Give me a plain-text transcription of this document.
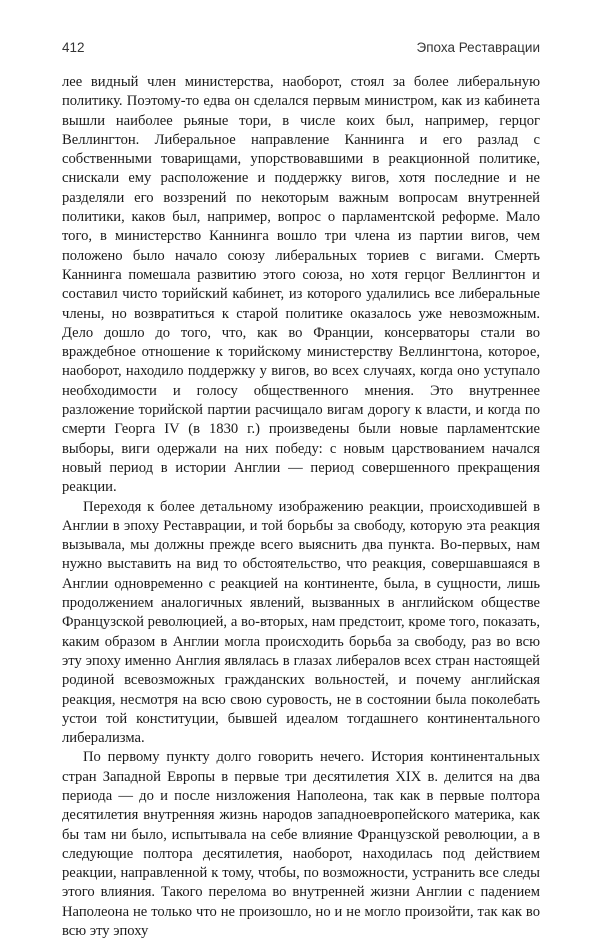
412	Эпоха Реставрации

лее видный член министерства, наоборот, стоял за более либеральную политику. Поэтому-то едва он сделался первым министром, как из кабинета вышли наиболее рьяные тори, в числе коих был, например, герцог Веллингтон. Либеральное направление Каннинга и его разлад с собственными товарищами, упорствовавшими в реакционной политике, снискали ему расположение и поддержку вигов, хотя последние и не разделяли его воззрений по некоторым важным вопросам внутренней политики, каков был, например, вопрос о парламентской реформе. Мало того, в министерство Каннинга вошло три члена из партии вигов, чем положено было начало союзу либеральных ториев с вигами. Смерть Каннинга помешала развитию этого союза, но хотя герцог Веллингтон и составил чисто торийский кабинет, из которого удалились все либеральные члены, но возвратиться к старой политике оказалось уже невозможным. Дело дошло до того, что, как во Франции, консерваторы стали во враждебное отношение к торийскому министерству Веллингтона, которое, наоборот, находило поддержку у вигов, во всех случаях, когда оно уступало необходимости и голосу общественного мнения. Это внутреннее разложение торийской партии расчищало вигам дорогу к власти, и когда по смерти Георга IV (в 1830 г.) произведены были новые парламентские выборы, виги одержали на них победу: с новым царствованием начался новый период в истории Англии — период совершенного прекращения реакции.

Переходя к более детальному изображению реакции, происходившей в Англии в эпоху Реставрации, и той борьбы за свободу, которую эта реакция вызывала, мы должны прежде всего выяснить два пункта. Во-первых, нам нужно выставить на вид то обстоятельство, что реакция, совершавшаяся в Англии одновременно с реакцией на континенте, была, в сущности, лишь продолжением аналогичных явлений, вызванных в английском обществе Французской революцией, а во-вторых, нам предстоит, кроме того, показать, каким образом в Англии могла происходить борьба за свободу, раз во всю эту эпоху именно Англия являлась в глазах либералов всех стран настоящей родиной всевозможных гражданских вольностей, и почему английская реакция, несмотря на всю свою суровость, не в состоянии была поколебать устои той конституции, бывшей идеалом тогдашнего континентального либерализма.

По первому пункту долго говорить нечего. История континентальных стран Западной Европы в первые три десятилетия XIX в. делится на два периода — до и после низложения Наполеона, так как в первые полтора десятилетия внутренняя жизнь народов западноевропейского материка, как бы там ни было, испытывала на себе влияние Французской революции, а в следующие полтора десятилетия, наоборот, находилась под действием реакции, направленной к тому, чтобы, по возможности, устранить все следы этого влияния. Такого перелома во внутренней жизни Англии с падением Наполеона не только что не произошло, но и не могло произойти, так как во всю эту эпоху
